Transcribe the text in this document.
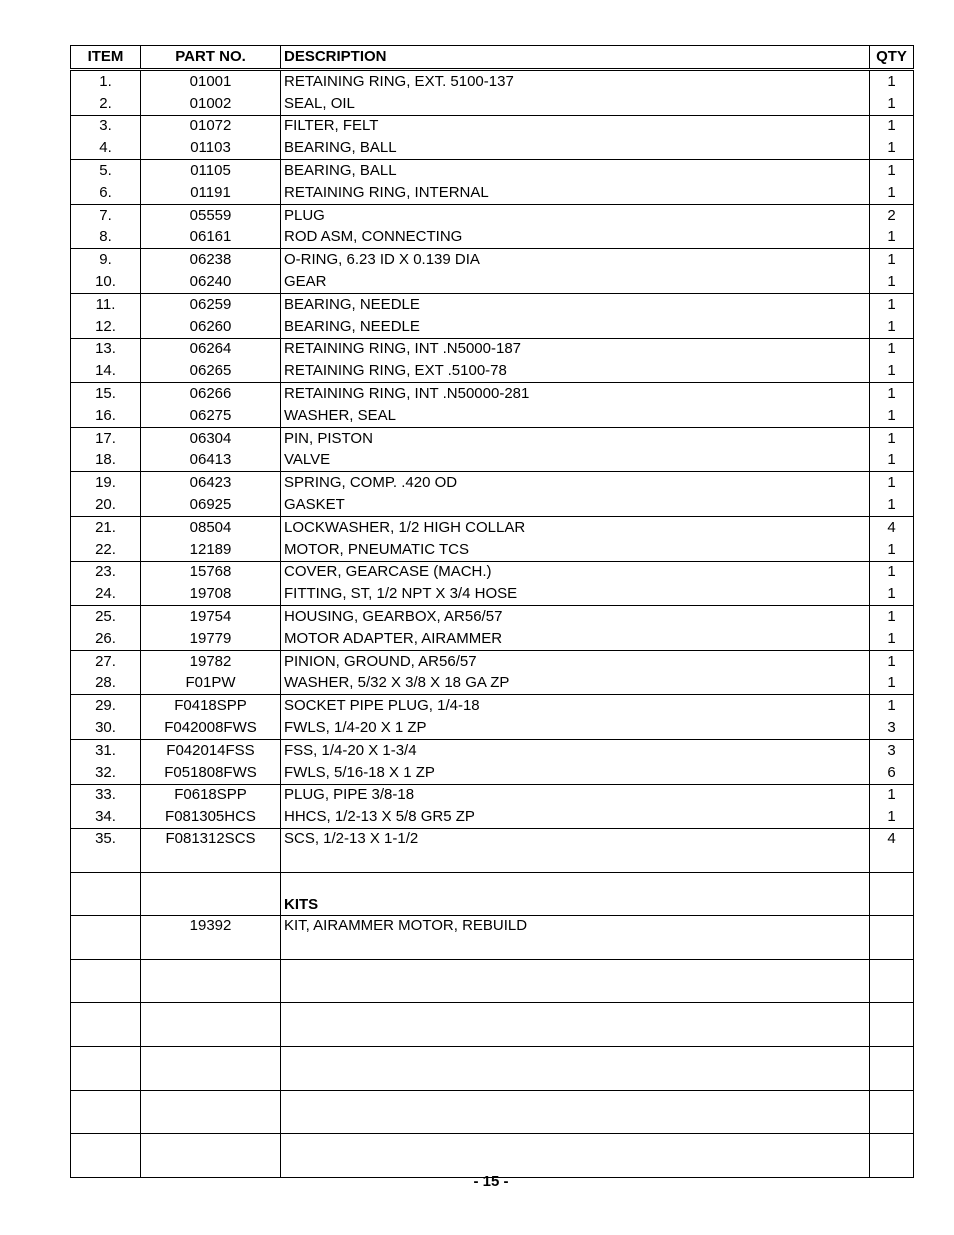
ITEM	PART NO.	DESCRIPTION	QTY
1.	01001	RETAINING RING, EXT. 5100-137	1
2.	01002	SEAL, OIL	1
3.	01072	FILTER, FELT	1
4.	01103	BEARING, BALL	1
5.	01105	BEARING, BALL	1
6.	01191	RETAINING RING, INTERNAL	1
7.	05559	PLUG	2
8.	06161	ROD ASM, CONNECTING	1
9.	06238	O-RING, 6.23 ID X 0.139 DIA	1
10.	06240	GEAR	1
11.	06259	BEARING, NEEDLE	1
12.	06260	BEARING, NEEDLE	1
13.	06264	RETAINING RING, INT .N5000-187	1
14.	06265	RETAINING RING, EXT .5100-78	1
15.	06266	RETAINING RING, INT .N50000-281	1
16.	06275	WASHER, SEAL	1
17.	06304	PIN, PISTON	1
18.	06413	VALVE	1
19.	06423	SPRING, COMP. .420 OD	1
20.	06925	GASKET	1
21.	08504	LOCKWASHER, 1/2 HIGH COLLAR	4
22.	12189	MOTOR, PNEUMATIC TCS	1
23.	15768	COVER, GEARCASE (MACH.)	1
24.	19708	FITTING, ST, 1/2 NPT X 3/4 HOSE	1
25.	19754	HOUSING, GEARBOX, AR56/57	1
26.	19779	MOTOR ADAPTER, AIRAMMER	1
27.	19782	PINION, GROUND, AR56/57	1
28.	F01PW	WASHER, 5/32 X 3/8 X 18 GA ZP	1
29.	F0418SPP	SOCKET PIPE PLUG, 1/4-18	1
30.	F042008FWS	FWLS, 1/4-20 X 1 ZP	3
31.	F042014FSS	FSS, 1/4-20 X 1-3/4	3
32.	F051808FWS	FWLS, 5/16-18 X 1 ZP	6
33.	F0618SPP	PLUG, PIPE 3/8-18	1
34.	F081305HCS	HHCS, 1/2-13 X 5/8 GR5 ZP	1
35.	F081312SCS	SCS, 1/2-13 X 1-1/2	4
		KITS	
	19392	KIT, AIRAMMER MOTOR, REBUILD	

- 15 -
